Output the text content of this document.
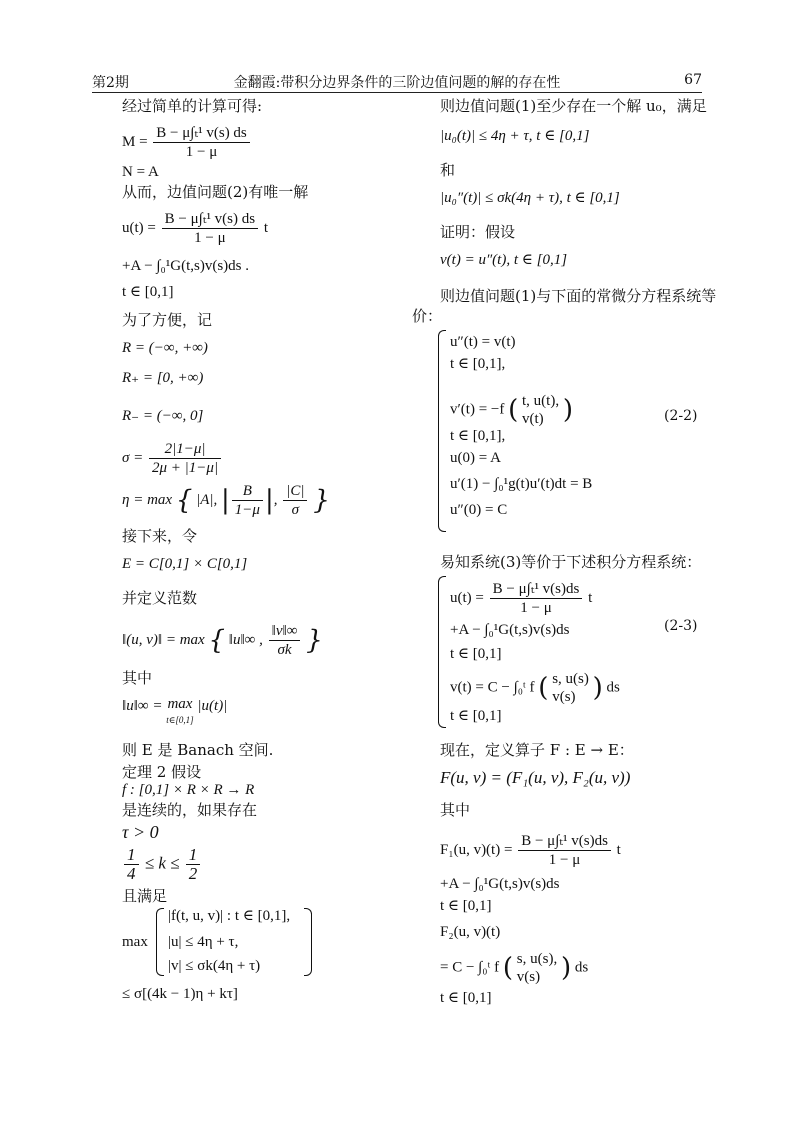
第2期	金翻霞:带积分边界条件的三阶边值问题的解的存在性	67
经过简单的计算可得:
$M = \frac{\text{B − μ∫ₜ¹ v(s) ds}}{1 - \mu}$
N = A
从而，边值问题(2)有唯一解
$u(t) = \frac{\text{B − μ∫ₜ¹ v(s) ds}}{1 - \mu}$ t
+A − ∫₀¹G(t,s)v(s)ds .
t ∈ [0,1]
为了方便，记
R = (−∞, +∞)
R₊ = [0, +∞)
R₋ = (−∞, 0]
$\sigma = \frac{2|1-\mu|}{2\mu + |1-\mu|}$
η = max { |A|, | $\frac{B}{1-\mu}$ |, $\frac{|C|}{\sigma}$ }
接下来，令
E = C[0,1] × C[0,1]
并定义范数
‖(u, v)‖ = max { ‖u‖∞ , $\frac{‖v‖\infty}{\sigma k}$ }
其中
‖u‖∞ = max
t∈[0,1]
|u(t)|
则 E 是 Banach 空间.
定理 2 假设
f : [0,1] × R × R → R
是连续的，如果存在
τ > 0
$\frac{1}{4} \le k \le \frac{1}{2}$
且满足
max
|f(t, u, v)| : t ∈ [0,1],
|u| ≤ 4η + τ,
|v| ≤ σk(4η + τ)
≤ σ[(4k − 1)η + kτ]
则边值问题(1)至少存在一个解 u₀，满足
|u₀(t)| ≤ 4η + τ, t ∈ [0,1]
和
|u₀″(t)| ≤ σk(4η + τ), t ∈ [0,1]
证明：假设
v(t) = u″(t), t ∈ [0,1]
则边值问题(1)与下面的常微分方程系统等
价：
u″(t) = v(t)
t ∈ [0,1],
v′(t) = −f ( t, u(t),
v(t) )
t ∈ [0,1],
u(0) = A
u′(1) − ∫₀¹g(t)u′(t)dt = B
u″(0) = C
(2-2)
易知系统(3)等价于下述积分方程系统：
$u(t) = \frac{\text{B − μ∫ₜ¹ v(s)ds}}{1 - \mu}$ t
+A − ∫₀¹G(t,s)v(s)ds
t ∈ [0,1]
v(t) = C − ∫₀ᵗ f ( s, u(s)
v(s) ) ds
t ∈ [0,1]
(2-3)
现在，定义算子 F : E → E：
F(u, v) = (F₁(u, v), F₂(u, v))
其中
F₁(u, $v)(t) = \frac{\text{B − μ∫ₜ¹ v(s)ds}}{1 - \mu}$ t
+A − ∫₀¹G(t,s)v(s)ds
t ∈ [0,1]
F₂(u, v)(t)
= C − ∫₀ᵗ f ( s, u(s),
v(s) ) ds
t ∈ [0,1]
